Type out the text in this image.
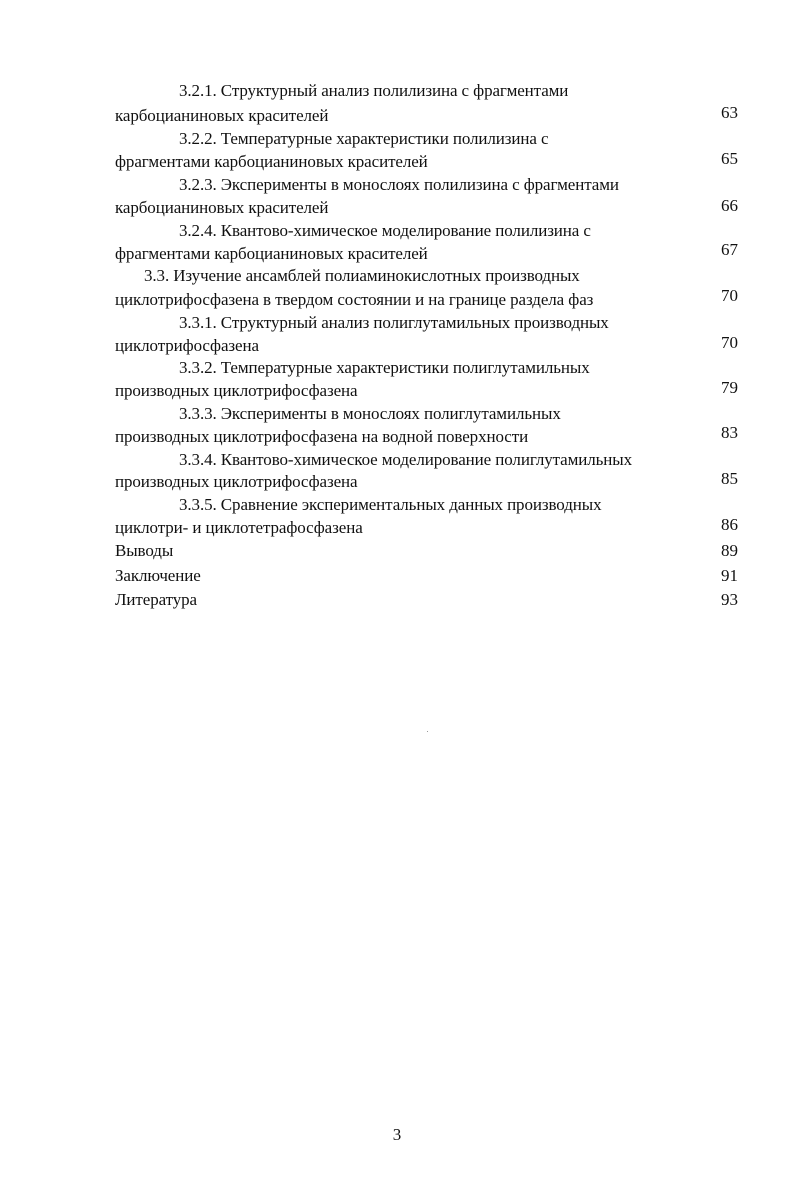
3.2.1. Структурный анализ полилизина с фрагментами
карбоцианиновых красителей	63
3.2.2. Температурные характеристики полилизина с
фрагментами карбоцианиновых красителей	65
3.2.3. Эксперименты в монослоях полилизина с фрагментами
карбоцианиновых красителей	66
3.2.4. Квантово-химическое моделирование полилизина с
фрагментами карбоцианиновых красителей	67
3.3. Изучение ансамблей полиаминокислотных производных
циклотрифосфазена в твердом состоянии и на границе раздела фаз	70
3.3.1. Структурный анализ полиглутамильных производных
циклотрифосфазена	70
3.3.2. Температурные характеристики полиглутамильных
производных циклотрифосфазена	79
3.3.3. Эксперименты в монослоях полиглутамильных
производных циклотрифосфазена на водной поверхности	83
3.3.4. Квантово-химическое моделирование полиглутамильных
производных циклотрифосфазена	85
3.3.5. Сравнение экспериментальных данных производных
циклотри- и циклотетрафосфазена	86
Выводы	89
Заключение	91
Литература	93
3
